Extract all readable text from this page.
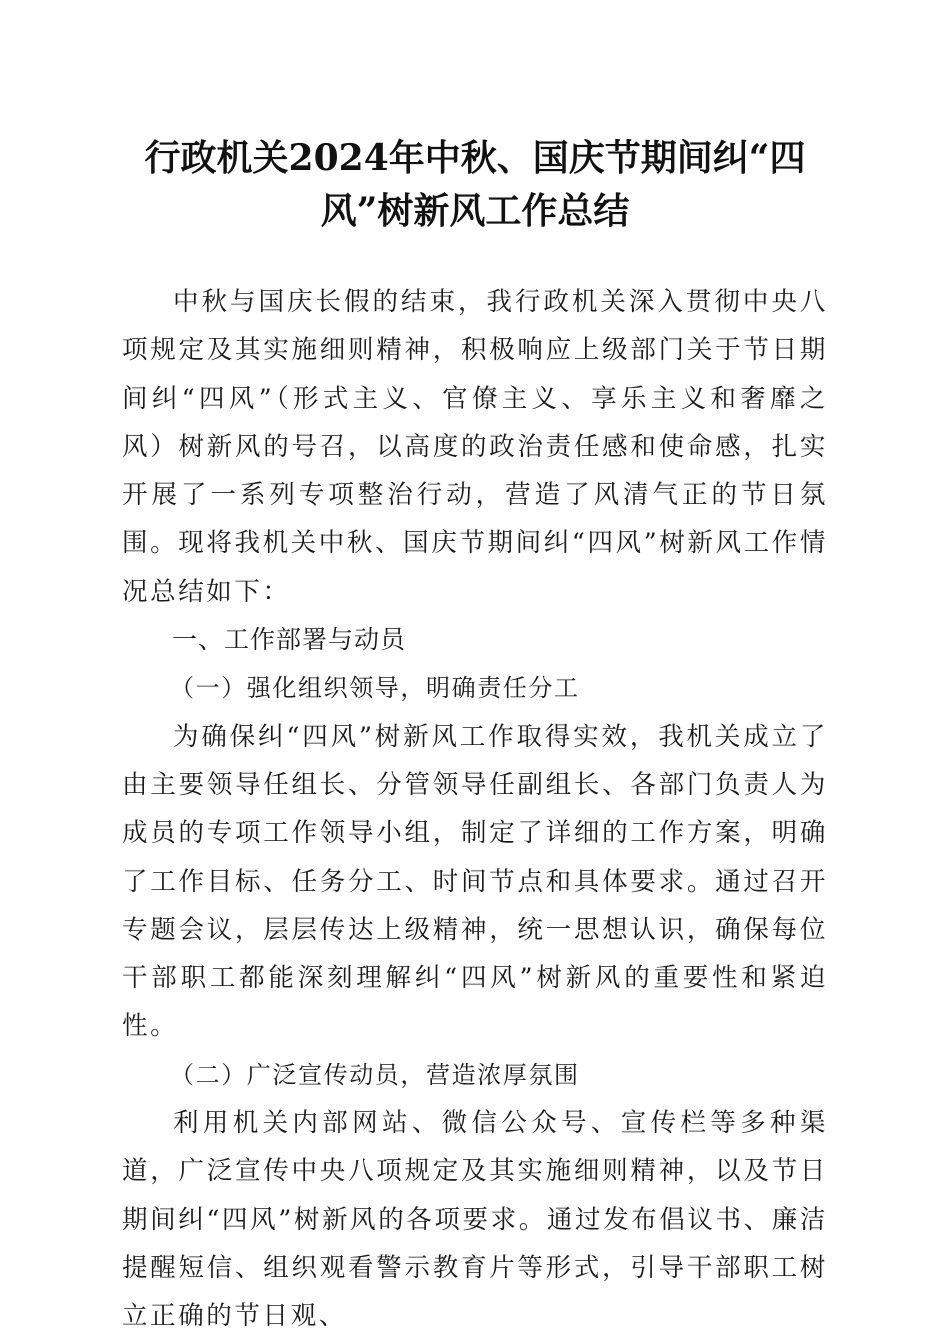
行政机关2024年中秋、国庆节期间纠“四风”树新风工作总结

中秋与国庆长假的结束，我行政机关深入贯彻中央八项规定及其实施细则精神，积极响应上级部门关于节日期间纠“四风”（形式主义、官僚主义、享乐主义和奢靡之风）树新风的号召，以高度的政治责任感和使命感，扎实开展了一系列专项整治行动，营造了风清气正的节日氛围。现将我机关中秋、国庆节期间纠“四风”树新风工作情况总结如下：

一、工作部署与动员

（一）强化组织领导，明确责任分工

为确保纠“四风”树新风工作取得实效，我机关成立了由主要领导任组长、分管领导任副组长、各部门负责人为成员的专项工作领导小组，制定了详细的工作方案，明确了工作目标、任务分工、时间节点和具体要求。通过召开专题会议，层层传达上级精神，统一思想认识，确保每位干部职工都能深刻理解纠“四风”树新风的重要性和紧迫性。

（二）广泛宣传动员，营造浓厚氛围

利用机关内部网站、微信公众号、宣传栏等多种渠道，广泛宣传中央八项规定及其实施细则精神，以及节日期间纠“四风”树新风的各项要求。通过发布倡议书、廉洁提醒短信、组织观看警示教育片等形式，引导干部职工树立正确的节日观、
